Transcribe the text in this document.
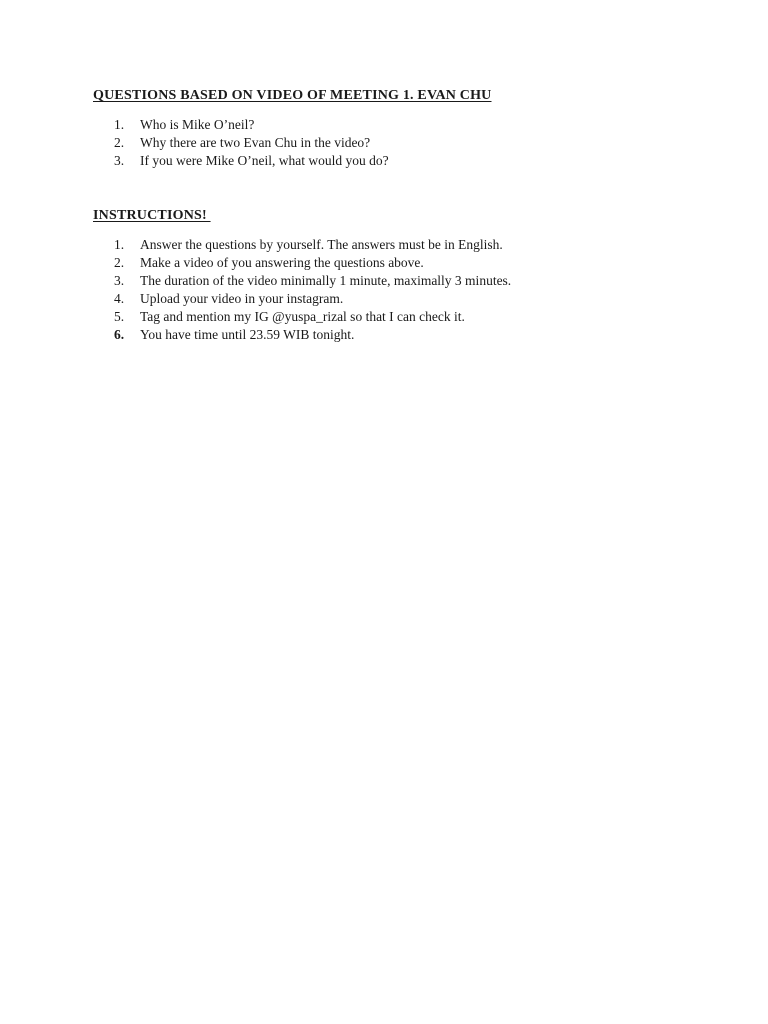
QUESTIONS BASED ON VIDEO OF MEETING 1. EVAN CHU
1.	Who is Mike O’neil?
2.	Why there are two Evan Chu in the video?
3.	If you were Mike O’neil, what would you do?
INSTRUCTIONS!
1.	Answer the questions by yourself. The answers must be in English.
2.	Make a video of you answering the questions above.
3.	The duration of the video minimally 1 minute, maximally 3 minutes.
4.	Upload your video in your instagram.
5.	Tag and mention my IG @yuspa_rizal so that I can check it.
6.	You have time until 23.59 WIB tonight.
